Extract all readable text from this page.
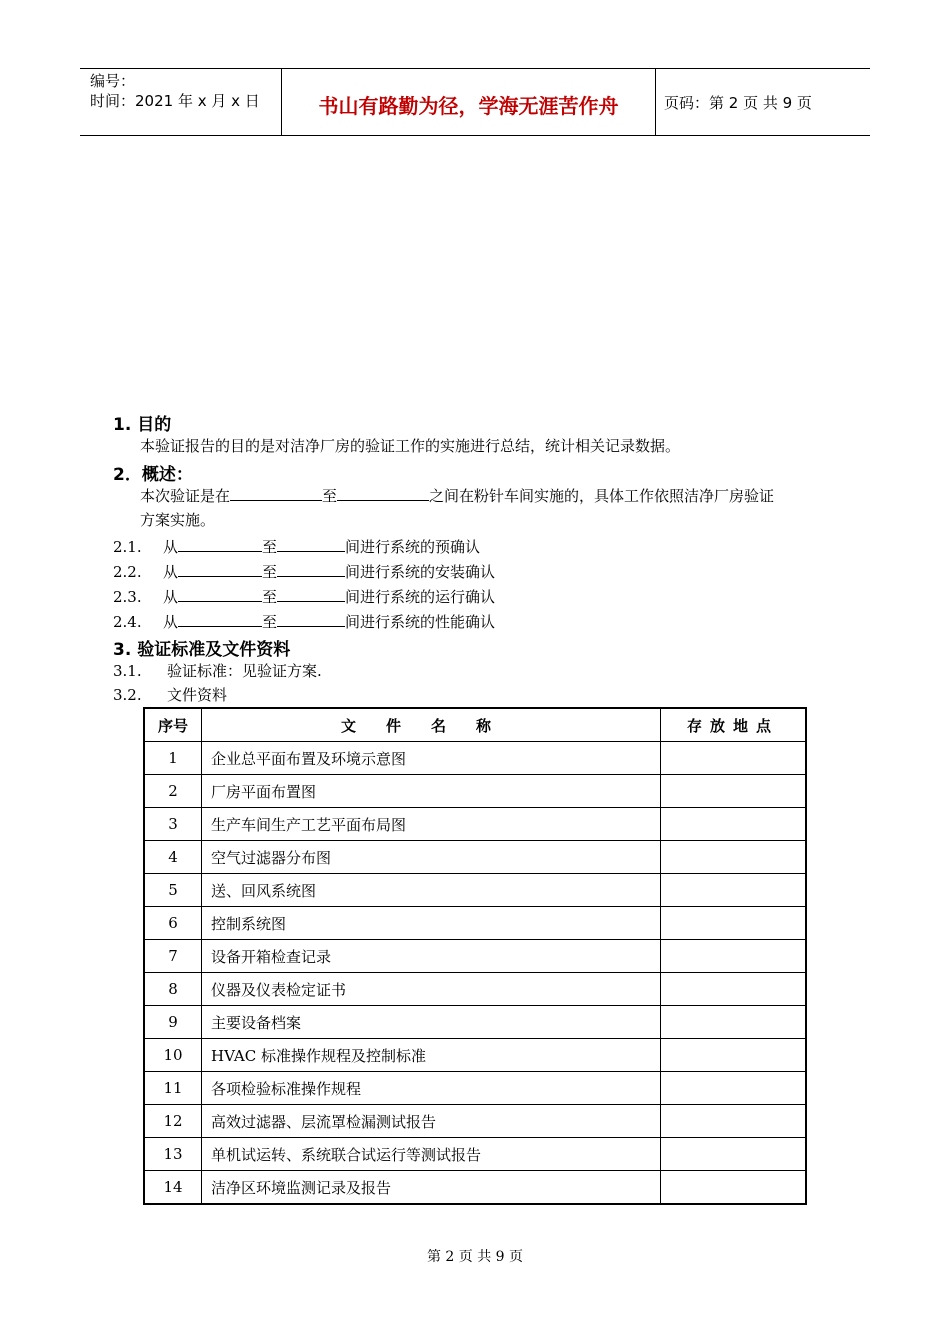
编号：
时间：2021 年 x 月 x 日	书山有路勤为径，学海无涯苦作舟	页码：第 2 页 共 9 页
1. 目的
本验证报告的目的是对洁净厂房的验证工作的实施进行总结，统计相关记录数据。
2．概述：
本次验证是在	至	之间在粉针车间实施的，具体工作依照洁净厂房验证
方案实施。
2.1.	从	至	间进行系统的预确认
2.2.	从	至	间进行系统的安装确认
2.3.	从	至	间进行系统的运行确认
2.4.	从	至	间进行系统的性能确认
3. 验证标准及文件资料
3.1.	验证标准：见验证方案.
3.2.	文件资料
序号	文件名称	存放地点
1	企业总平面布置及环境示意图	
2	厂房平面布置图	
3	生产车间生产工艺平面布局图	
4	空气过滤器分布图	
5	送、回风系统图	
6	控制系统图	
7	设备开箱检查记录	
8	仪器及仪表检定证书	
9	主要设备档案	
10	HVAC 标准操作规程及控制标准	
11	各项检验标准操作规程	
12	高效过滤器、层流罩检漏测试报告	
13	单机试运转、系统联合试运行等测试报告	
14	洁净区环境监测记录及报告	
第 2 页 共 9 页
